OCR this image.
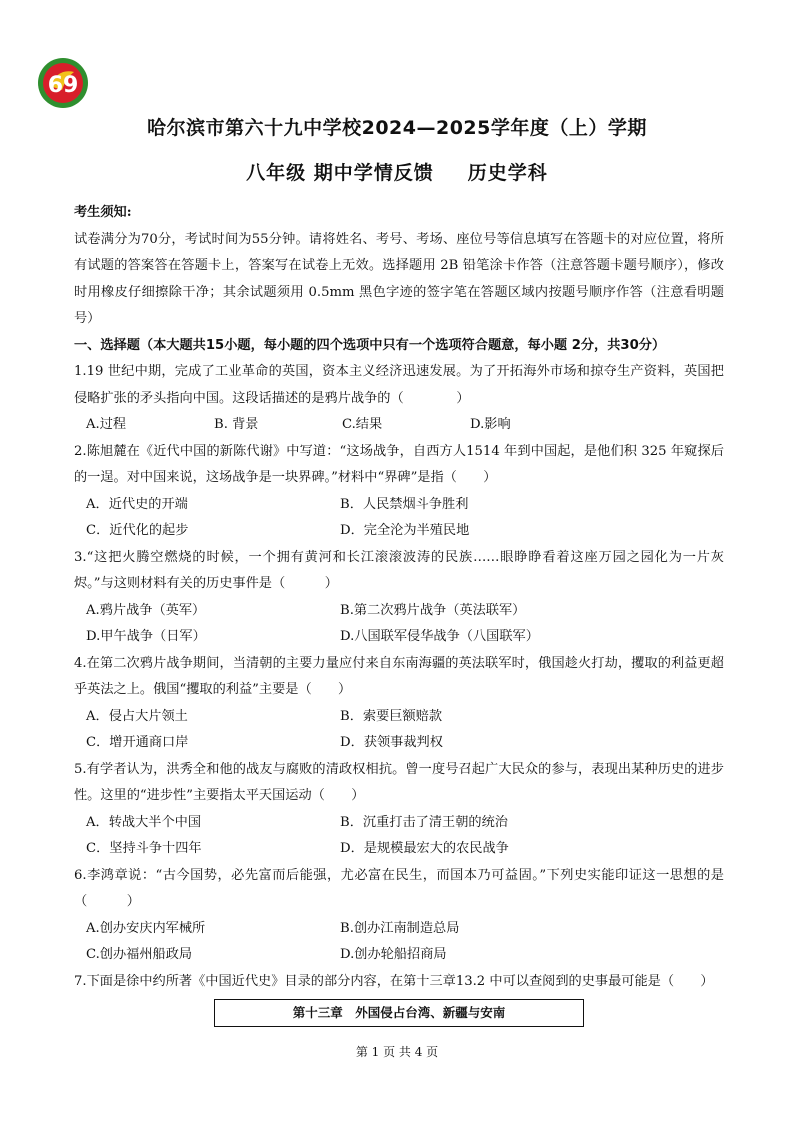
69
哈尔滨市第六十九中学校2024—2025学年度（上）学期
八年级 期中学情反馈 历史学科
考生须知:
试卷满分为70分，考试时间为55分钟。请将姓名、考号、考场、座位号等信息填写在答题卡的对应位置，将所有试题的答案答在答题卡上，答案写在试卷上无效。选择题用 2B 铅笔涂卡作答（注意答题卡题号顺序），修改时用橡皮仔细擦除干净；其余试题须用 0.5mm 黑色字迹的签字笔在答题区域内按题号顺序作答（注意看明题号）
一、选择题（本大题共15小题，每小题的四个选项中只有一个选项符合题意，每小题 2分，共30分）

1.19 世纪中期，完成了工业革命的英国，资本主义经济迅速发展。为了开拓海外市场和掠夺生产资料，英国把侵略扩张的矛头指向中国。这段话描述的是鸦片战争的（　　　　）

A.过程	B. 背景	C.结果	D.影响

2.陈旭麓在《近代中国的新陈代谢》中写道：“这场战争，自西方人1514 年到中国起，是他们积 325 年窥探后的一逞。对中国来说，这场战争是一块界碑。”材料中“界碑”是指（　　）

A．近代史的开端	B．人民禁烟斗争胜利
C．近代化的起步	D．完全沦为半殖民地

3.“这把火腾空燃烧的时候，一个拥有黄河和长江滚滚波涛的民族……眼睁睁看着这座万园之园化为一片灰烬。”与这则材料有关的历史事件是（　　　）

A.鸦片战争（英军）	B.第二次鸦片战争（英法联军）
D.甲午战争（日军）	D.八国联军侵华战争（八国联军）

4.在第二次鸦片战争期间，当清朝的主要力量应付来自东南海疆的英法联军时，俄国趁火打劫，攫取的利益更超乎英法之上。俄国“攫取的利益”主要是（　　）

A．侵占大片领土	B．索要巨额赔款
C．增开通商口岸	D．获领事裁判权

5.有学者认为，洪秀全和他的战友与腐败的清政权相抗。曾一度号召起广大民众的参与，表现出某种历史的进步性。这里的“进步性”主要指太平天国运动（　　）

A．转战大半个中国	B．沉重打击了清王朝的统治
C．坚持斗争十四年	D．是规模最宏大的农民战争

6.李鸿章说：“古今国势，必先富而后能强，尤必富在民生，而国本乃可益固。”下列史实能印证这一思想的是（　　　）

A.创办安庆内军械所	B.创办江南制造总局
C.创办福州船政局	D.创办轮船招商局

7.下面是徐中约所著《中国近代史》目录的部分内容，在第十三章13.2 中可以查阅到的史事最可能是（　　）

第十三章　外国侵占台湾、新疆与安南
第 1 页 共 4 页
